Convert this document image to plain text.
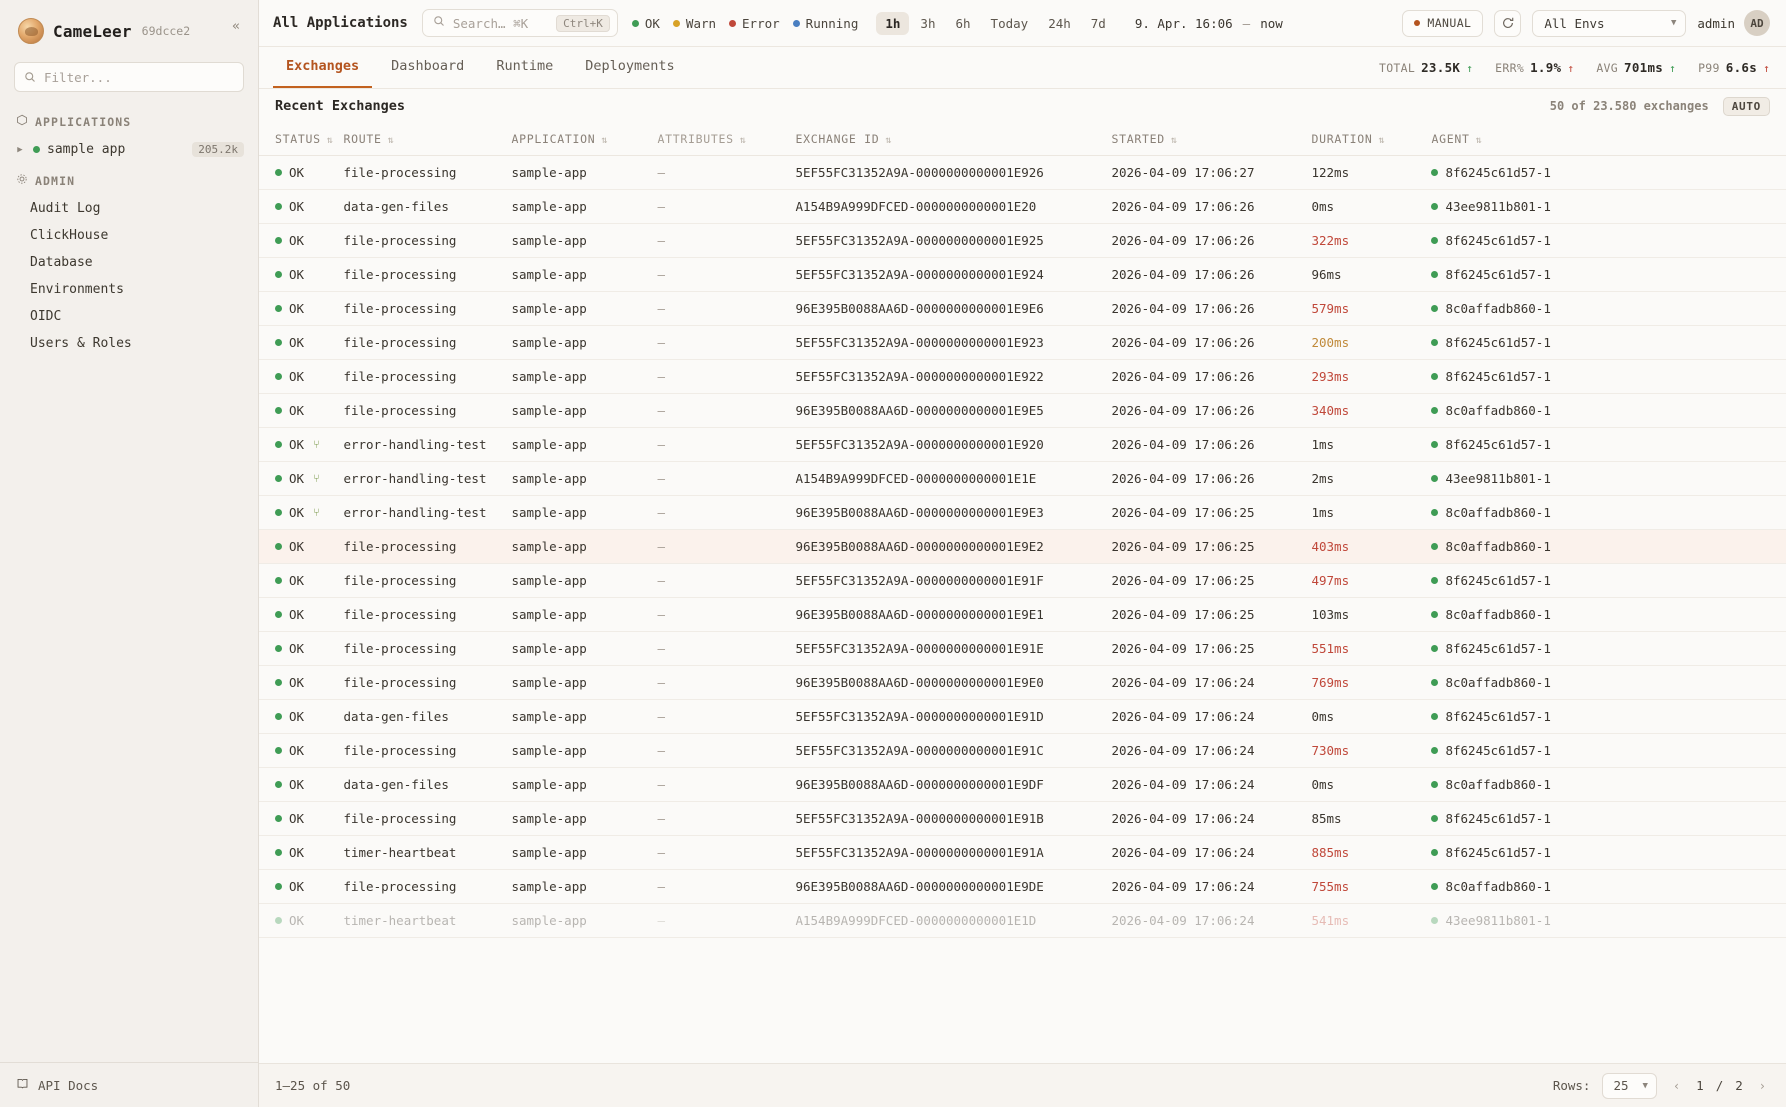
CameLeer 69dcce2	«
Filter...
APPLICATIONS
▶ sample app	205.2k
ADMIN
Audit Log
ClickHouse
Database
Environments
OIDC
Users & Roles
API Docs
All Applications	Search… ⌘K	Ctrl+K	OK Warn Error Running	1h	3h	6h	Today	24h	7d	9. Apr. 16:06 — now	MANUAL	All Envs	▼ admin	AD
Exchanges	Dashboard	Runtime	Deployments	TOTAL 23.5K ↑ ERR% 1.9% ↑ AVG 701ms ↑ P99 6.6s ↑
Recent Exchanges	50 of 23.580 exchanges	AUTO
STATUS ⇅	ROUTE ⇅	APPLICATION ⇅	ATTRIBUTES ⇅	EXCHANGE ID ⇅	STARTED ⇅	DURATION ⇅	AGENT ⇅

OK	file-processing	sample-app	—	5EF55FC31352A9A-0000000000001E926	2026-04-09 17:06:27	122ms	8f6245c61d57-1

OK	data-gen-files	sample-app	—	A154B9A999DFCED-0000000000001E20	2026-04-09 17:06:26	0ms	43ee9811b801-1

OK	file-processing	sample-app	—	5EF55FC31352A9A-0000000000001E925	2026-04-09 17:06:26	322ms	8f6245c61d57-1

OK	file-processing	sample-app	—	5EF55FC31352A9A-0000000000001E924	2026-04-09 17:06:26	96ms	8f6245c61d57-1

OK	file-processing	sample-app	—	96E395B0088AA6D-0000000000001E9E6	2026-04-09 17:06:26	579ms	8c0affadb860-1

OK	file-processing	sample-app	—	5EF55FC31352A9A-0000000000001E923	2026-04-09 17:06:26	200ms	8f6245c61d57-1

OK	file-processing	sample-app	—	5EF55FC31352A9A-0000000000001E922	2026-04-09 17:06:26	293ms	8f6245c61d57-1

OK	file-processing	sample-app	—	96E395B0088AA6D-0000000000001E9E5	2026-04-09 17:06:26	340ms	8c0affadb860-1

OK ⑂	error-handling-test	sample-app	—	5EF55FC31352A9A-0000000000001E920	2026-04-09 17:06:26	1ms	8f6245c61d57-1

OK ⑂	error-handling-test	sample-app	—	A154B9A999DFCED-0000000000001E1E	2026-04-09 17:06:26	2ms	43ee9811b801-1

OK ⑂	error-handling-test	sample-app	—	96E395B0088AA6D-0000000000001E9E3	2026-04-09 17:06:25	1ms	8c0affadb860-1

OK	file-processing	sample-app	—	96E395B0088AA6D-0000000000001E9E2	2026-04-09 17:06:25	403ms	8c0affadb860-1

OK	file-processing	sample-app	—	5EF55FC31352A9A-0000000000001E91F	2026-04-09 17:06:25	497ms	8f6245c61d57-1

OK	file-processing	sample-app	—	96E395B0088AA6D-0000000000001E9E1	2026-04-09 17:06:25	103ms	8c0affadb860-1

OK	file-processing	sample-app	—	5EF55FC31352A9A-0000000000001E91E	2026-04-09 17:06:25	551ms	8f6245c61d57-1

OK	file-processing	sample-app	—	96E395B0088AA6D-0000000000001E9E0	2026-04-09 17:06:24	769ms	8c0affadb860-1

OK	data-gen-files	sample-app	—	5EF55FC31352A9A-0000000000001E91D	2026-04-09 17:06:24	0ms	8f6245c61d57-1

OK	file-processing	sample-app	—	5EF55FC31352A9A-0000000000001E91C	2026-04-09 17:06:24	730ms	8f6245c61d57-1

OK	data-gen-files	sample-app	—	96E395B0088AA6D-0000000000001E9DF	2026-04-09 17:06:24	0ms	8c0affadb860-1

OK	file-processing	sample-app	—	5EF55FC31352A9A-0000000000001E91B	2026-04-09 17:06:24	85ms	8f6245c61d57-1

OK	timer-heartbeat	sample-app	—	5EF55FC31352A9A-0000000000001E91A	2026-04-09 17:06:24	885ms	8f6245c61d57-1

OK	file-processing	sample-app	—	96E395B0088AA6D-0000000000001E9DE	2026-04-09 17:06:24	755ms	8c0affadb860-1

OK	timer-heartbeat	sample-app	—	A154B9A999DFCED-0000000000001E1D	2026-04-09 17:06:24	541ms	43ee9811b801-1
1–25 of 50	Rows: 25 ▼	‹	1 / 2	›
